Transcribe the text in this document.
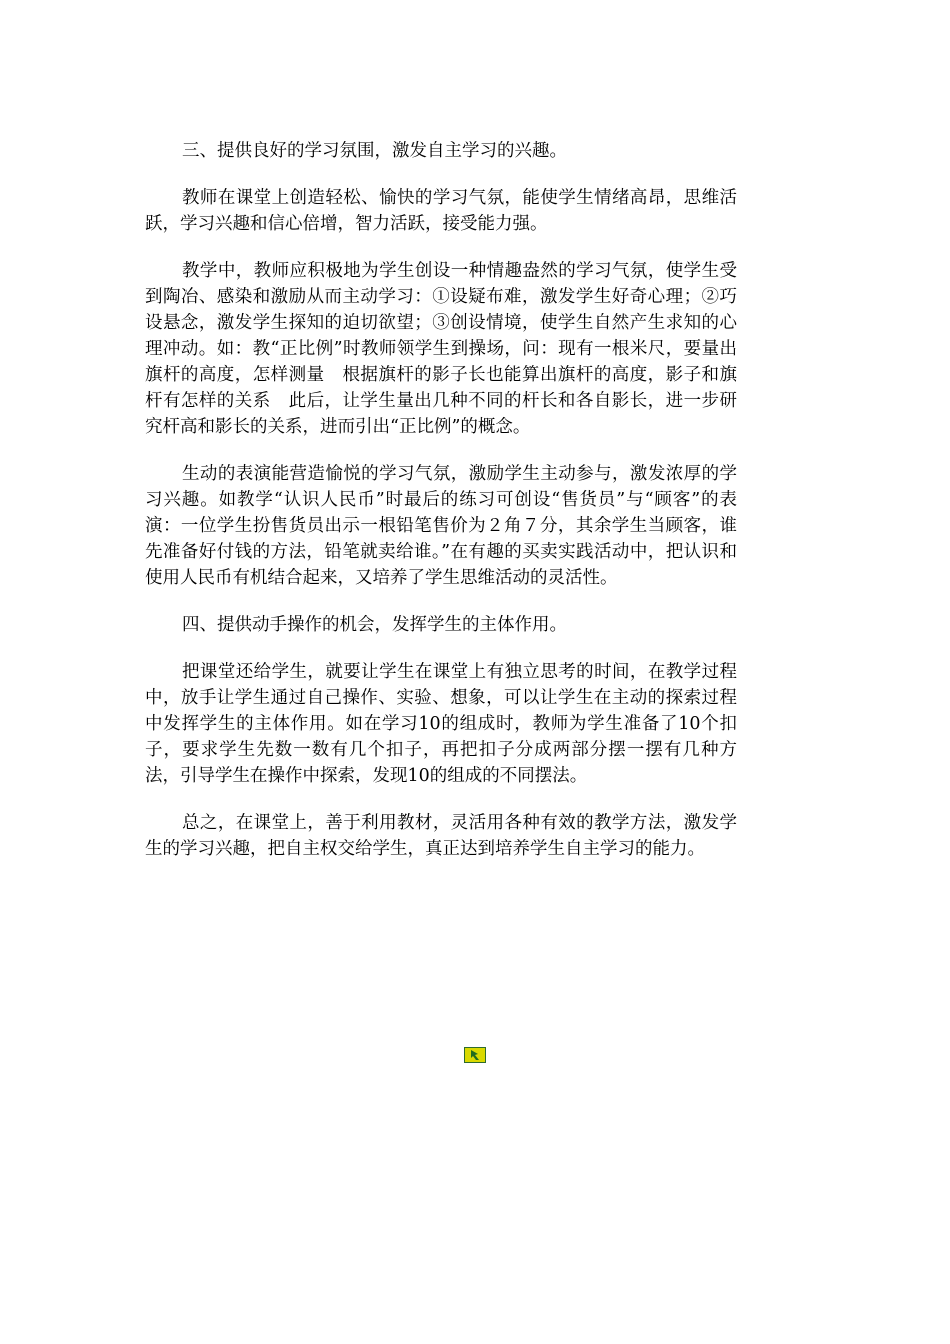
三、提供良好的学习氛围，激发自主学习的兴趣。

教师在课堂上创造轻松、愉快的学习气氛，能使学生情绪高昂，思维活跃，学习兴趣和信心倍增，智力活跃，接受能力强。

教学中，教师应积极地为学生创设一种情趣盎然的学习气氛，使学生受到陶冶、感染和激励从而主动学习：①设疑布难，激发学生好奇心理；②巧设悬念，激发学生探知的迫切欲望；③创设情境，使学生自然产生求知的心理冲动。如：教“正比例”时教师领学生到操场，问：现有一根米尺，要量出旗杆的高度，怎样测量　根据旗杆的影子长也能算出旗杆的高度，影子和旗杆有怎样的关系　此后，让学生量出几种不同的杆长和各自影长，进一步研究杆高和影长的关系，进而引出“正比例”的概念。

生动的表演能营造愉悦的学习气氛，激励学生主动参与，激发浓厚的学习兴趣。如教学“认识人民币”时最后的练习可创设“售货员”与“顾客”的表演：一位学生扮售货员出示一根铅笔售价为２角７分，其余学生当顾客，谁先准备好付钱的方法，铅笔就卖给谁。”在有趣的买卖实践活动中，把认识和使用人民币有机结合起来，又培养了学生思维活动的灵活性。

四、提供动手操作的机会，发挥学生的主体作用。

把课堂还给学生，就要让学生在课堂上有独立思考的时间，在教学过程中，放手让学生通过自己操作、实验、想象，可以让学生在主动的探索过程中发挥学生的主体作用。如在学习10的组成时，教师为学生准备了10个扣子，要求学生先数一数有几个扣子，再把扣子分成两部分摆一摆有几种方法，引导学生在操作中探索，发现10的组成的不同摆法。

总之，在课堂上，善于利用教材，灵活用各种有效的教学方法，激发学生的学习兴趣，把自主权交给学生，真正达到培养学生自主学习的能力。
